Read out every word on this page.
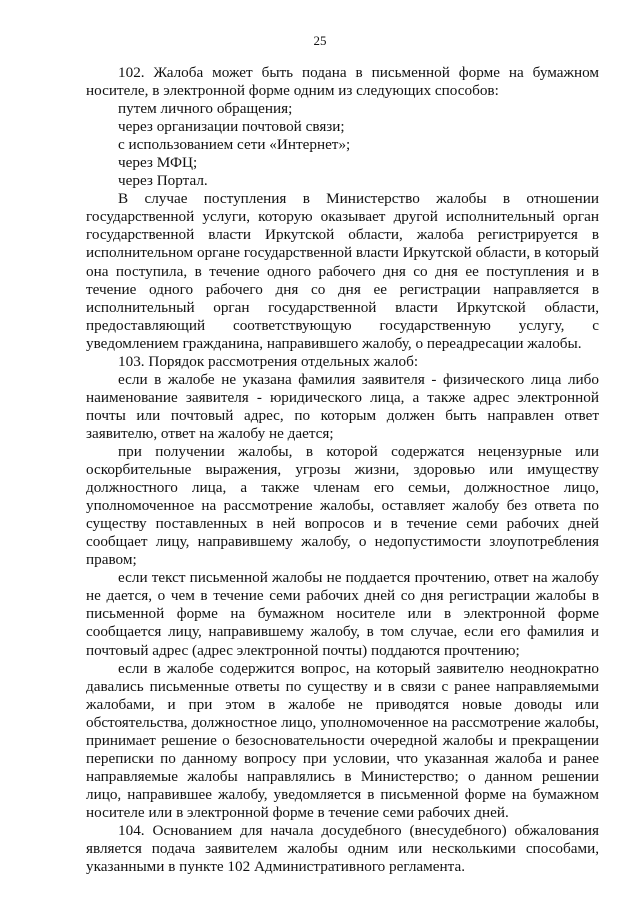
25

102. Жалоба может быть подана в письменной форме на бумажном носителе, в электронной форме одним из следующих способов:

путем личного обращения;

через организации почтовой связи;

с использованием сети «Интернет»;

через МФЦ;

через Портал.

В случае поступления в Министерство жалобы в отношении государственной услуги, которую оказывает другой исполнительный орган государственной власти Иркутской области, жалоба регистрируется в исполнительном органе государственной власти Иркутской области, в который она поступила, в течение одного рабочего дня со дня ее поступления и в течение одного рабочего дня со дня ее регистрации направляется в исполнительный орган государственной власти Иркутской области, предоставляющий соответствующую государственную услугу, с уведомлением гражданина, направившего жалобу, о переадресации жалобы.

103. Порядок рассмотрения отдельных жалоб:

если в жалобе не указана фамилия заявителя - физического лица либо наименование заявителя - юридического лица, а также адрес электронной почты или почтовый адрес, по которым должен быть направлен ответ заявителю, ответ на жалобу не дается;

при получении жалобы, в которой содержатся нецензурные или оскорбительные выражения, угрозы жизни, здоровью или имуществу должностного лица, а также членам его семьи, должностное лицо, уполномоченное на рассмотрение жалобы, оставляет жалобу без ответа по существу поставленных в ней вопросов и в течение семи рабочих дней сообщает лицу, направившему жалобу, о недопустимости злоупотребления правом;

если текст письменной жалобы не поддается прочтению, ответ на жалобу не дается, о чем в течение семи рабочих дней со дня регистрации жалобы в письменной форме на бумажном носителе или в электронной форме сообщается лицу, направившему жалобу, в том случае, если его фамилия и почтовый адрес (адрес электронной почты) поддаются прочтению;

если в жалобе содержится вопрос, на который заявителю неоднократно давались письменные ответы по существу и в связи с ранее направляемыми жалобами, и при этом в жалобе не приводятся новые доводы или обстоятельства, должностное лицо, уполномоченное на рассмотрение жалобы, принимает решение о безосновательности очередной жалобы и прекращении переписки по данному вопросу при условии, что указанная жалоба и ранее направляемые жалобы направлялись в Министерство; о данном решении лицо, направившее жалобу, уведомляется в письменной форме на бумажном носителе или в электронной форме в течение семи рабочих дней.

104. Основанием для начала досудебного (внесудебного) обжалования является подача заявителем жалобы одним или несколькими способами, указанными в пункте 102 Административного регламента.
